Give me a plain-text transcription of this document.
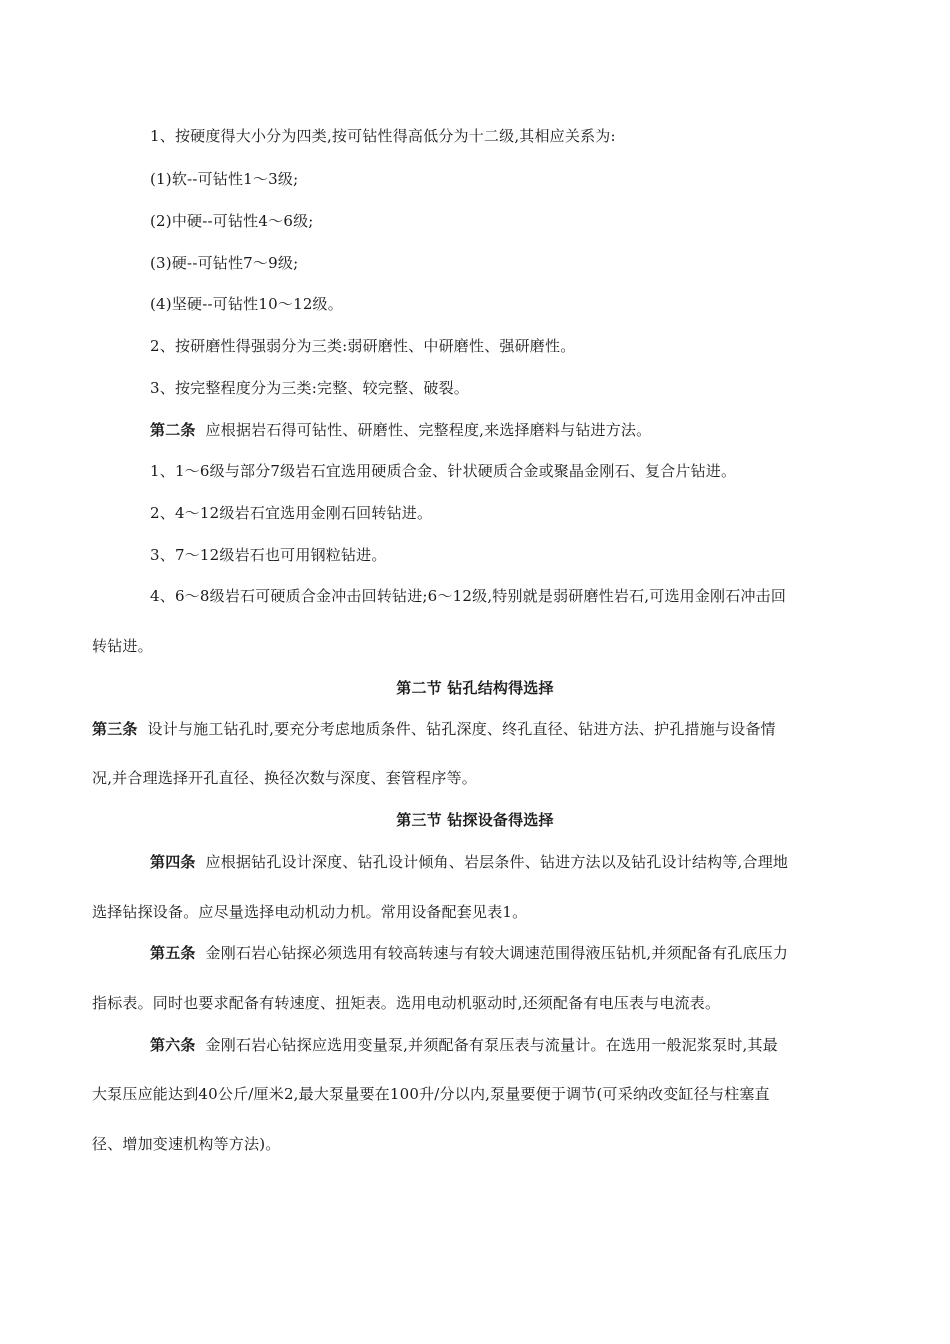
1、按硬度得大小分为四类,按可钻性得高低分为十二级,其相应关系为:
(1)软--可钻性1～3级;
(2)中硬--可钻性4～6级;
(3)硬--可钻性7～9级;
(4)坚硬--可钻性10～12级。
2、按研磨性得强弱分为三类:弱研磨性、中研磨性、强研磨性。
3、按完整程度分为三类:完整、较完整、破裂。
第二条 应根据岩石得可钻性、研磨性、完整程度,来选择磨料与钻进方法。
1、1～6级与部分7级岩石宜选用硬质合金、针状硬质合金或聚晶金刚石、复合片钻进。
2、4～12级岩石宜选用金刚石回转钻进。
3、7～12级岩石也可用钢粒钻进。
4、6～8级岩石可硬质合金冲击回转钻进;6～12级,特别就是弱研磨性岩石,可选用金刚石冲击回
转钻进。
第二节 钻孔结构得选择
第三条 设计与施工钻孔时,要充分考虑地质条件、钻孔深度、终孔直径、钻进方法、护孔措施与设备情
况,并合理选择开孔直径、换径次数与深度、套管程序等。
第三节 钻探设备得选择
第四条 应根据钻孔设计深度、钻孔设计倾角、岩层条件、钻进方法以及钻孔设计结构等,合理地
选择钻探设备。应尽量选择电动机动力机。常用设备配套见表1。
第五条 金刚石岩心钻探必须选用有较高转速与有较大调速范围得液压钻机,并须配备有孔底压力
指标表。同时也要求配备有转速度、扭矩表。选用电动机驱动时,还须配备有电压表与电流表。
第六条 金刚石岩心钻探应选用变量泵,并须配备有泵压表与流量计。在选用一般泥浆泵时,其最
大泵压应能达到40公斤/厘米2,最大泵量要在100升/分以内,泵量要便于调节(可采纳改变缸径与柱塞直
径、增加变速机构等方法)。
